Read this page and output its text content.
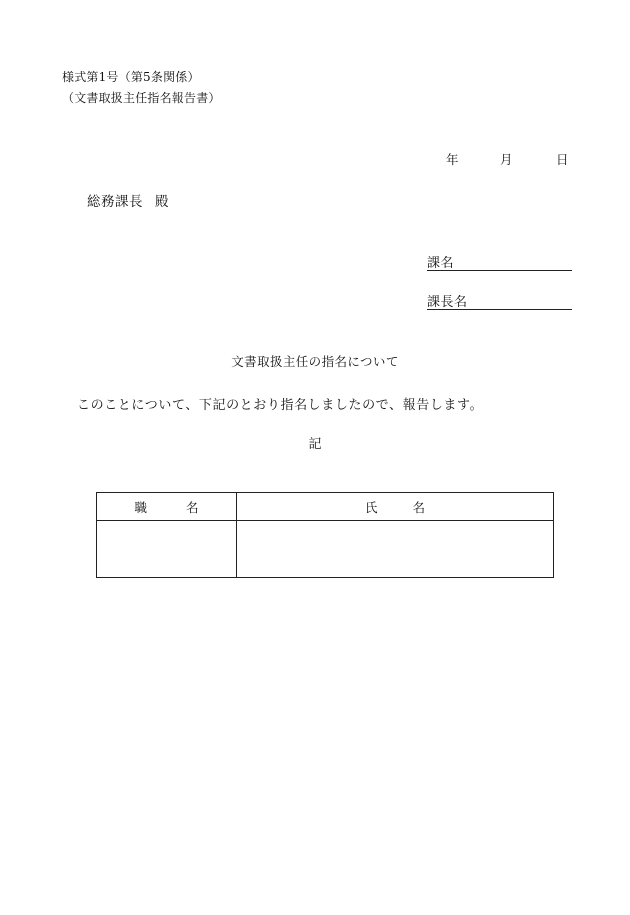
様式第1号（第5条関係）
（文書取扱主任指名報告書）
年	月	日
総務課長 殿
課名
課長名
文書取扱主任の指名について
このことについて、下記のとおり指名しましたので、報告します。
記
職 名	氏 名
